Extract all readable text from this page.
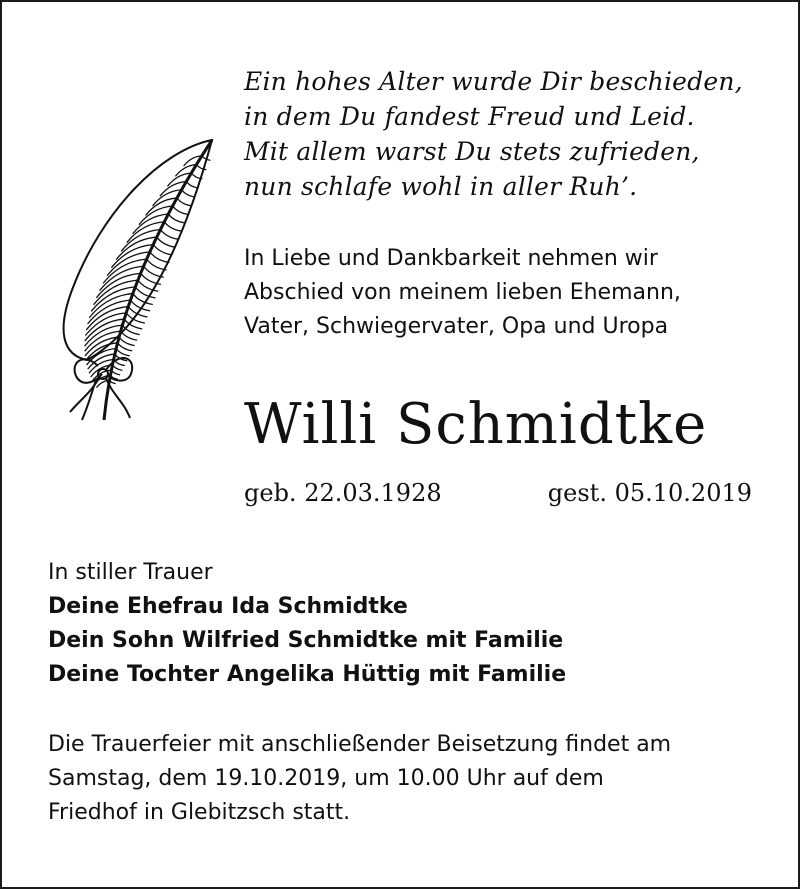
Ein hohes Alter wurde Dir beschieden,
in dem Du fandest Freud und Leid.
Mit allem warst Du stets zufrieden,
nun schlafe wohl in aller Ruh’.
In Liebe und Dankbarkeit nehmen wir
Abschied von meinem lieben Ehemann,
Vater, Schwiegervater, Opa und Uropa
Willi Schmidtke
geb. 22.03.1928	gest. 05.10.2019
In stiller Trauer
Deine Ehefrau Ida Schmidtke
Dein Sohn Wilfried Schmidtke mit Familie
Deine Tochter Angelika Hüttig mit Familie
Die Trauerfeier mit anschließender Beisetzung findet am
Samstag, dem 19.10.2019, um 10.00 Uhr auf dem
Friedhof in Glebitzsch statt.
